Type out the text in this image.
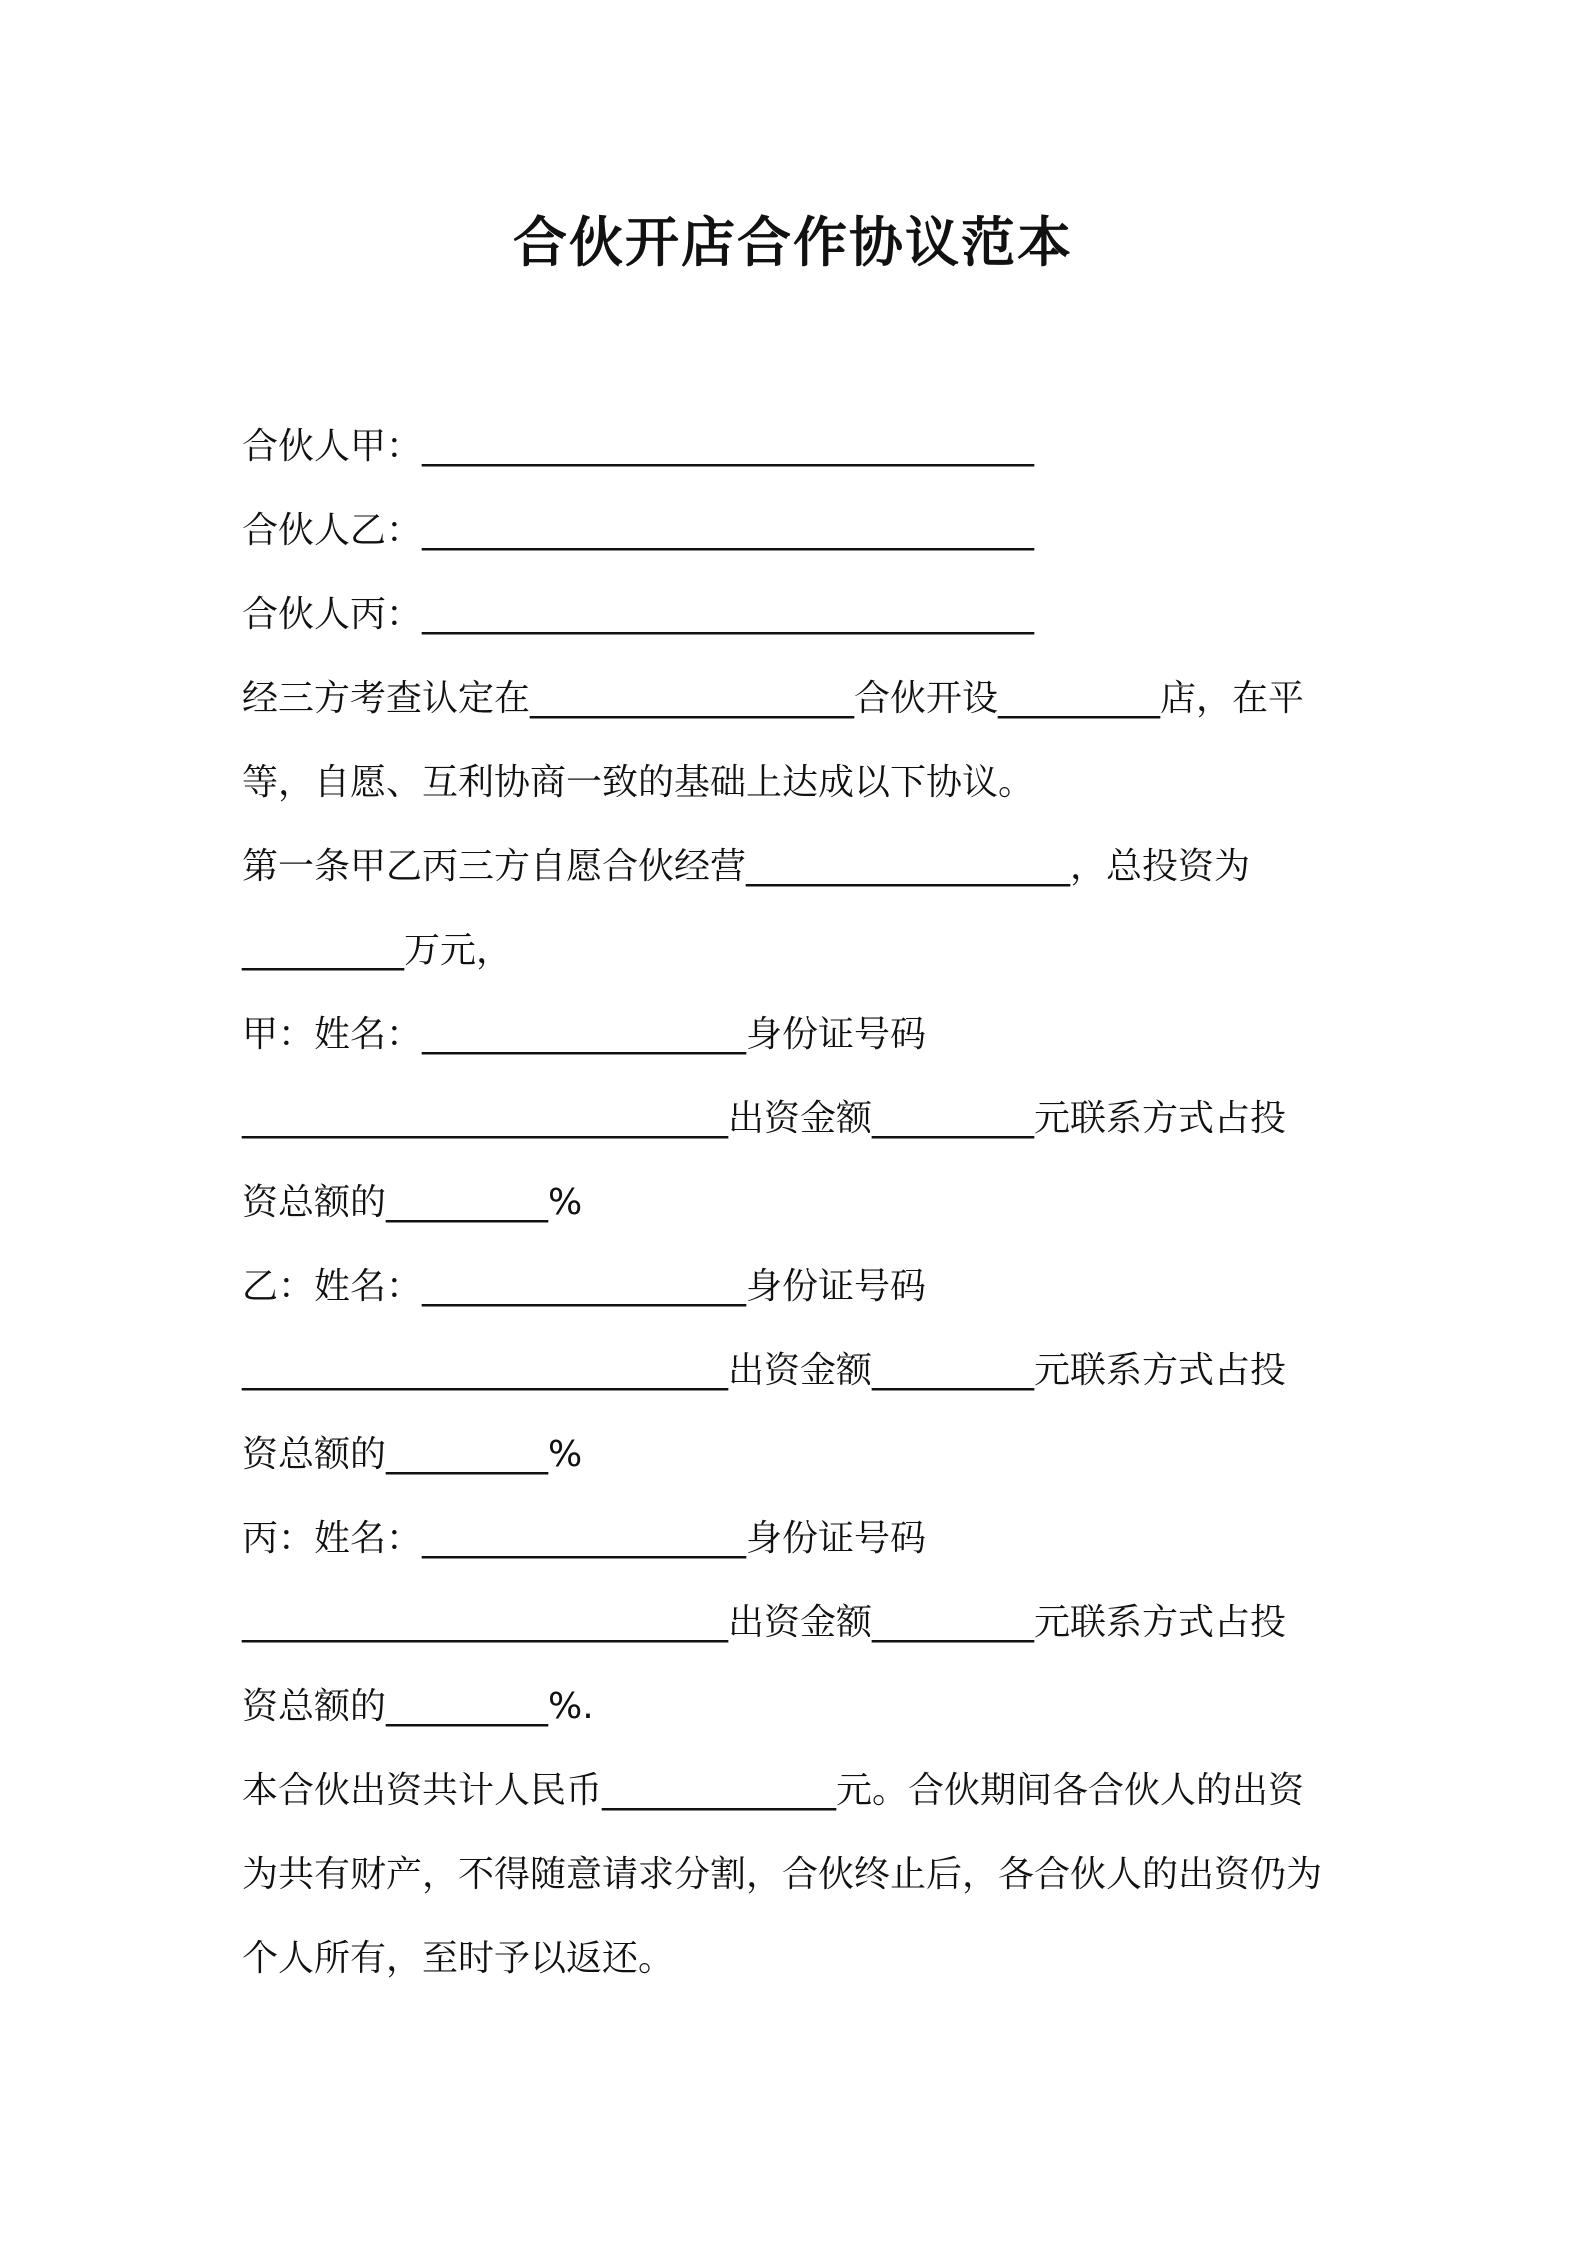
合伙开店合作协议范本
合伙人甲：__________________________________
合伙人乙：__________________________________
合伙人丙：__________________________________
经三方考查认定在__________________合伙开设_________店，在平
等，自愿、互利协商一致的基础上达成以下协议。
第一条甲乙丙三方自愿合伙经营__________________，总投资为
_________万元，
甲：姓名：__________________身份证号码
___________________________出资金额_________元联系方式占投
资总额的_________%
乙：姓名：__________________身份证号码
___________________________出资金额_________元联系方式占投
资总额的_________%
丙：姓名：__________________身份证号码
___________________________出资金额_________元联系方式占投
资总额的_________%.
本合伙出资共计人民币_____________元。合伙期间各合伙人的出资
为共有财产，不得随意请求分割，合伙终止后，各合伙人的出资仍为
个人所有，至时予以返还。
